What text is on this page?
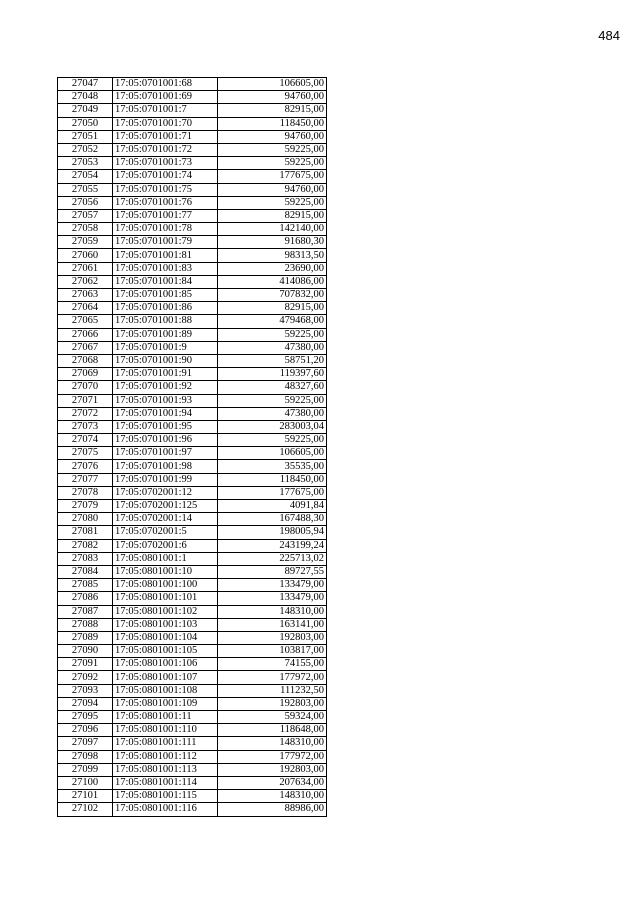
484
27047	17:05:0701001:68	106605,00
27048	17:05:0701001:69	94760,00
27049	17:05:0701001:7	82915,00
27050	17:05:0701001:70	118450,00
27051	17:05:0701001:71	94760,00
27052	17:05:0701001:72	59225,00
27053	17:05:0701001:73	59225,00
27054	17:05:0701001:74	177675,00
27055	17:05:0701001:75	94760,00
27056	17:05:0701001:76	59225,00
27057	17:05:0701001:77	82915,00
27058	17:05:0701001:78	142140,00
27059	17:05:0701001:79	91680,30
27060	17:05:0701001:81	98313,50
27061	17:05:0701001:83	23690,00
27062	17:05:0701001:84	414086,00
27063	17:05:0701001:85	707832,00
27064	17:05:0701001:86	82915,00
27065	17:05:0701001:88	479468,00
27066	17:05:0701001:89	59225,00
27067	17:05:0701001:9	47380,00
27068	17:05:0701001:90	58751,20
27069	17:05:0701001:91	119397,60
27070	17:05:0701001:92	48327,60
27071	17:05:0701001:93	59225,00
27072	17:05:0701001:94	47380,00
27073	17:05:0701001:95	283003,04
27074	17:05:0701001:96	59225,00
27075	17:05:0701001:97	106605,00
27076	17:05:0701001:98	35535,00
27077	17:05:0701001:99	118450,00
27078	17:05:0702001:12	177675,00
27079	17:05:0702001:125	4091,84
27080	17:05:0702001:14	167488,30
27081	17:05:0702001:5	198005,94
27082	17:05:0702001:6	243199,24
27083	17:05:0801001:1	225713,02
27084	17:05:0801001:10	89727,55
27085	17:05:0801001:100	133479,00
27086	17:05:0801001:101	133479,00
27087	17:05:0801001:102	148310,00
27088	17:05:0801001:103	163141,00
27089	17:05:0801001:104	192803,00
27090	17:05:0801001:105	103817,00
27091	17:05:0801001:106	74155,00
27092	17:05:0801001:107	177972,00
27093	17:05:0801001:108	111232,50
27094	17:05:0801001:109	192803,00
27095	17:05:0801001:11	59324,00
27096	17:05:0801001:110	118648,00
27097	17:05:0801001:111	148310,00
27098	17:05:0801001:112	177972,00
27099	17:05:0801001:113	192803,00
27100	17:05:0801001:114	207634,00
27101	17:05:0801001:115	148310,00
27102	17:05:0801001:116	88986,00
